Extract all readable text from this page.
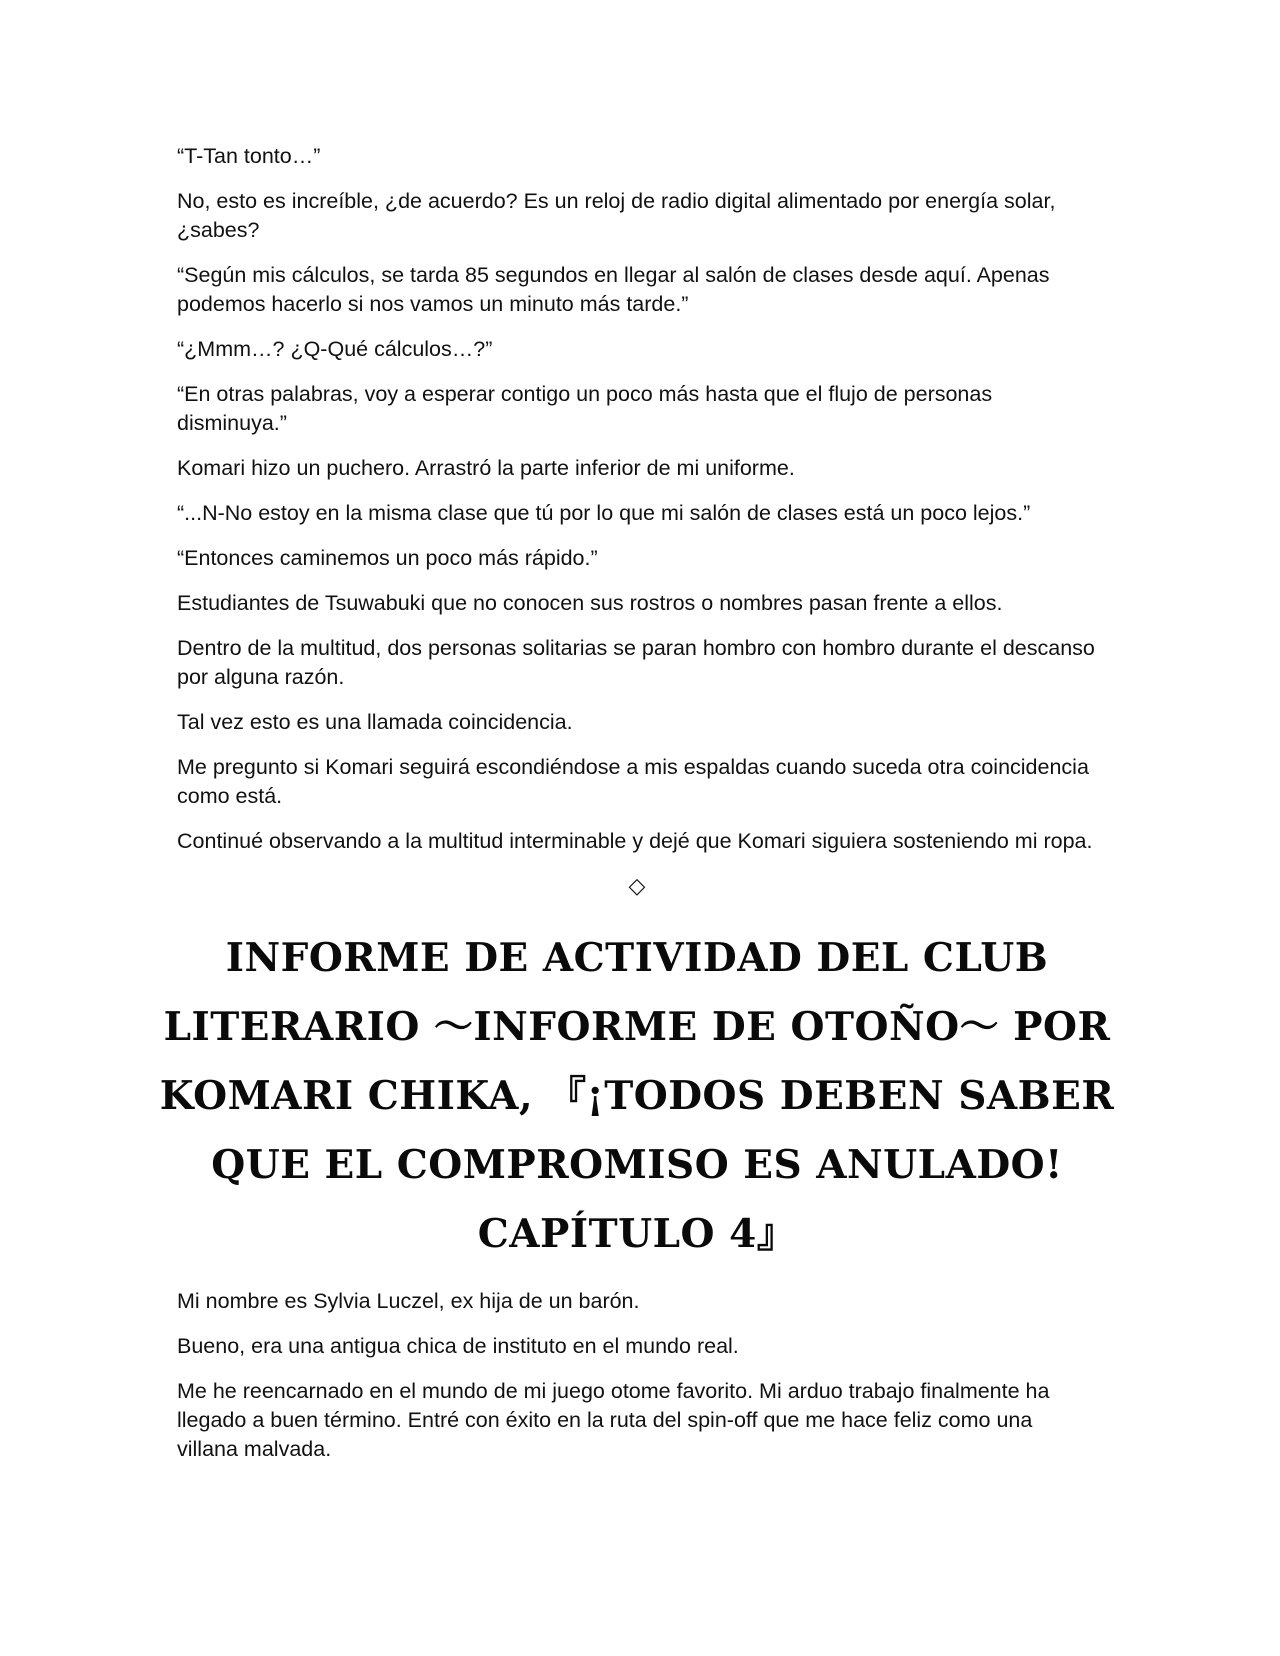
“T-Tan tonto…”

No, esto es increíble, ¿de acuerdo? Es un reloj de radio digital alimentado por energía solar, ¿sabes?

“Según mis cálculos, se tarda 85 segundos en llegar al salón de clases desde aquí. Apenas podemos hacerlo si nos vamos un minuto más tarde.”

“¿Mmm…? ¿Q-Qué cálculos…?”

“En otras palabras, voy a esperar contigo un poco más hasta que el flujo de personas disminuya.”

Komari hizo un puchero. Arrastró la parte inferior de mi uniforme.

“...N-No estoy en la misma clase que tú por lo que mi salón de clases está un poco lejos.”

“Entonces caminemos un poco más rápido.”

Estudiantes de Tsuwabuki que no conocen sus rostros o nombres pasan frente a ellos.

Dentro de la multitud, dos personas solitarias se paran hombro con hombro durante el descanso por alguna razón.

Tal vez esto es una llamada coincidencia.

Me pregunto si Komari seguirá escondiéndose a mis espaldas cuando suceda otra coincidencia como está.

Continué observando a la multitud interminable y dejé que Komari siguiera sosteniendo mi ropa.

◇
INFORME DE ACTIVIDAD DEL CLUB LITERARIO ～INFORME DE OTOÑO～ POR KOMARI CHIKA, 『¡TODOS DEBEN SABER QUE EL COMPROMISO ES ANULADO! CAPÍTULO 4』

Mi nombre es Sylvia Luczel, ex hija de un barón.

Bueno, era una antigua chica de instituto en el mundo real.

Me he reencarnado en el mundo de mi juego otome favorito. Mi arduo trabajo finalmente ha llegado a buen término. Entré con éxito en la ruta del spin-off que me hace feliz como una villana malvada.
